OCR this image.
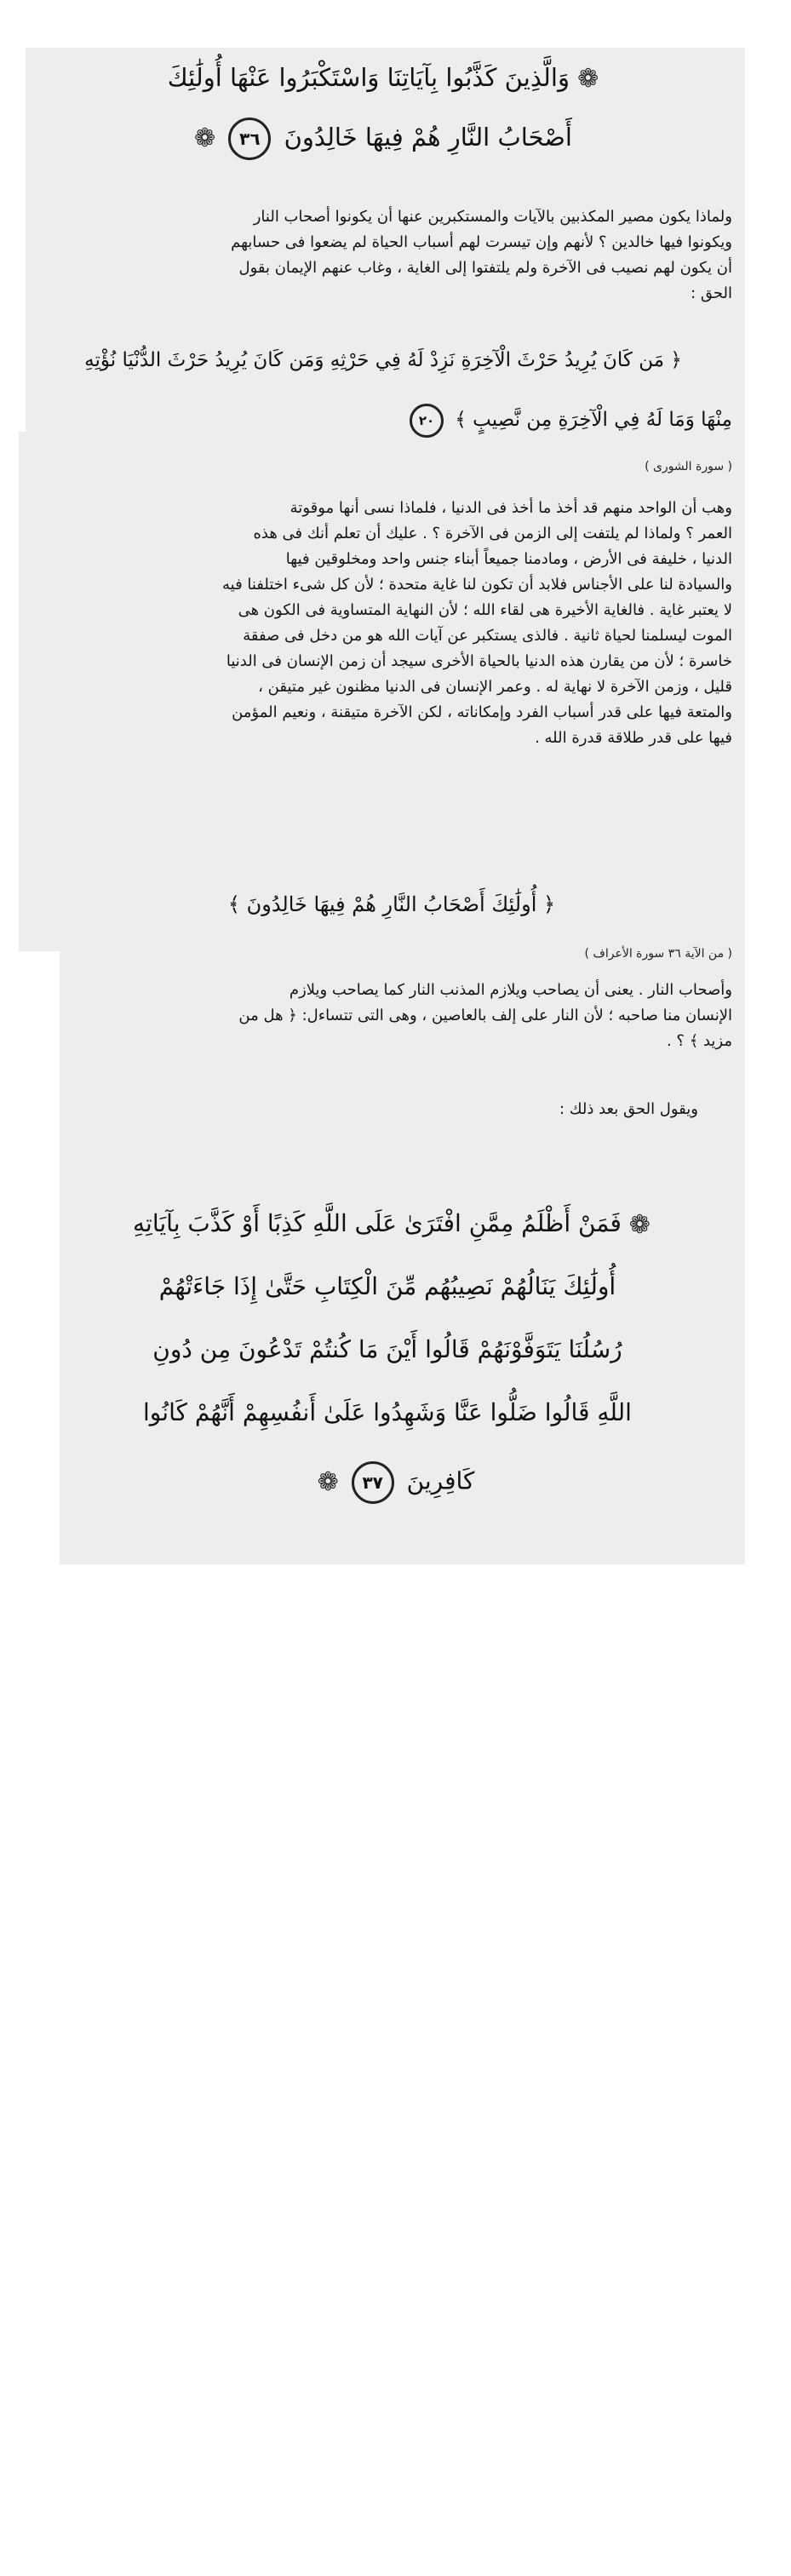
❁ وَالَّذِينَ كَذَّبُوا بِآيَاتِنَا وَاسْتَكْبَرُوا عَنْهَا أُولَٰئِكَ
أَصْحَابُ النَّارِ هُمْ فِيهَا خَالِدُونَ ٣٦ ❁

ولماذا يكون مصير المكذبين بالآيات والمستكبرين عنها أن يكونوا أصحاب النار

ويكونوا فيها خالدين ؟ لأنهم وإن تيسرت لهم أسباب الحياة لم يضعوا فى حسابهم

أن يكون لهم نصيب فى الآخرة ولم يلتفتوا إلى الغاية ، وغاب عنهم الإيمان بقول

الحق :

﴿ مَن كَانَ يُرِيدُ حَرْثَ الْآخِرَةِ نَزِدْ لَهُ فِي حَرْثِهِ وَمَن كَانَ يُرِيدُ حَرْثَ الدُّنْيَا نُؤْتِهِ
مِنْهَا وَمَا لَهُ فِي الْآخِرَةِ مِن نَّصِيبٍ ﴾ ٢٠
( سورة الشورى )

وهب أن الواحد منهم قد أخذ ما أخذ فى الدنيا ، فلماذا نسى أنها موقوتة

العمر ؟ ولماذا لم يلتفت إلى الزمن فى الآخرة ؟ . عليك أن تعلم أنك فى هذه

الدنيا ، خليفة فى الأرض ، ومادمنا جميعاً أبناء جنس واحد ومخلوقين فيها

والسيادة لنا على الأجناس فلابد أن تكون لنا غاية متحدة ؛ لأن كل شىء اختلفنا فيه

لا يعتبر غاية . فالغاية الأخيرة هى لقاء الله ؛ لأن النهاية المتساوية فى الكون هى

الموت ليسلمنا لحياة ثانية . فالذى يستكبر عن آيات الله هو من دخل فى صفقة

خاسرة ؛ لأن من يقارن هذه الدنيا بالحياة الأخرى سيجد أن زمن الإنسان فى الدنيا

قليل ، وزمن الآخرة لا نهاية له . وعمر الإنسان فى الدنيا مظنون غير متيقن ،

والمتعة فيها على قدر أسباب الفرد وإمكاناته ، لكن الآخرة متيقنة ، ونعيم المؤمن

فيها على قدر طلاقة قدرة الله .

﴿ أُولَٰئِكَ أَصْحَابُ النَّارِ هُمْ فِيهَا خَالِدُونَ ﴾
( من الآية ٣٦ سورة الأعراف )

وأصحاب النار . يعنى أن يصاحب ويلازم المذنب النار كما يصاحب ويلازم

الإنسان منا صاحبه ؛ لأن النار على إلف بالعاصين ، وهى التى تتساءل: ﴿ هل من

مزيد ﴾ ؟ .

ويقول الحق بعد ذلك :
❁ فَمَنْ أَظْلَمُ مِمَّنِ افْتَرَىٰ عَلَى اللَّهِ كَذِبًا أَوْ كَذَّبَ بِآيَاتِهِ
أُولَٰئِكَ يَنَالُهُمْ نَصِيبُهُم مِّنَ الْكِتَابِ حَتَّىٰ إِذَا جَاءَتْهُمْ
رُسُلُنَا يَتَوَفَّوْنَهُمْ قَالُوا أَيْنَ مَا كُنتُمْ تَدْعُونَ مِن دُونِ
اللَّهِ قَالُوا ضَلُّوا عَنَّا وَشَهِدُوا عَلَىٰ أَنفُسِهِمْ أَنَّهُمْ كَانُوا
كَافِرِينَ ٣٧ ❁
